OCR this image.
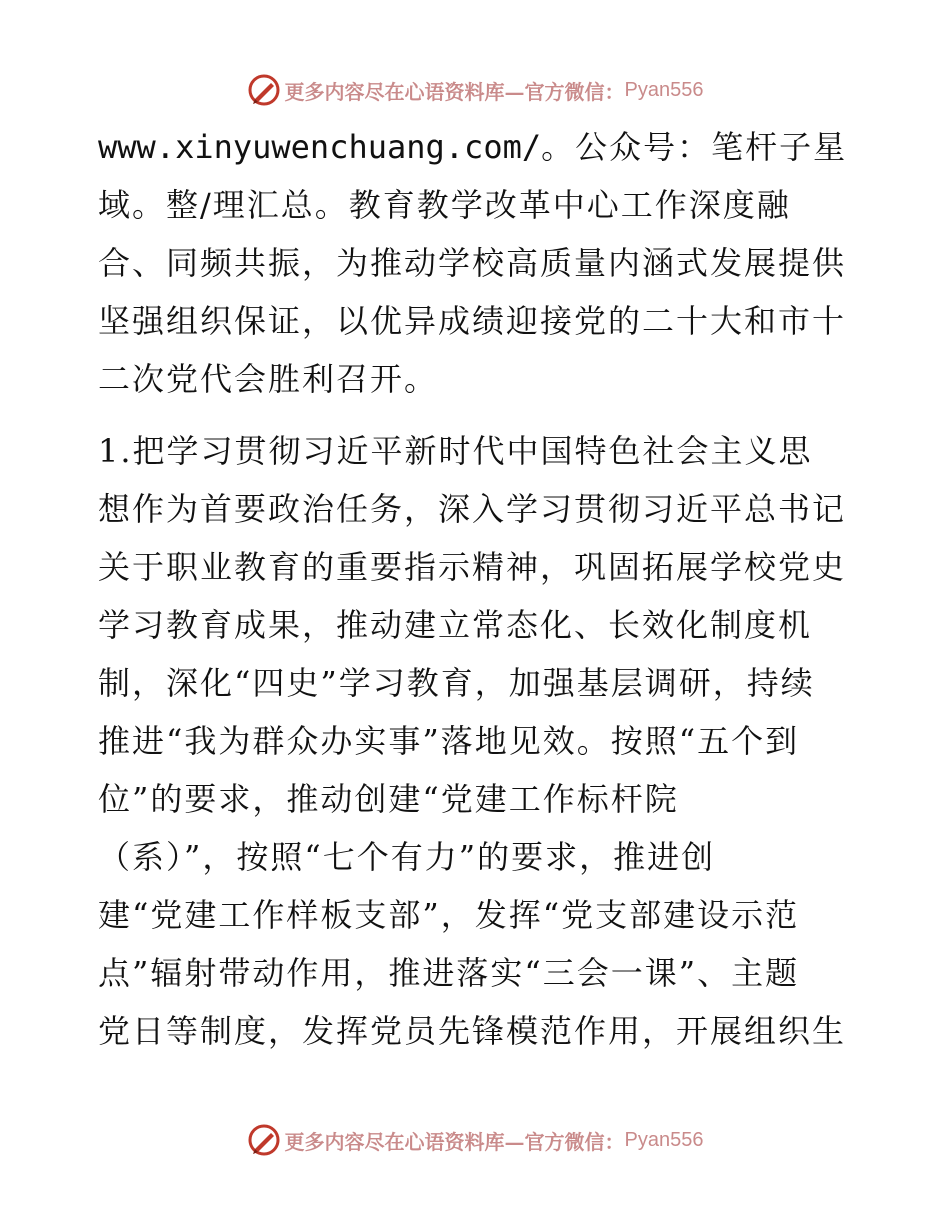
更多内容尽在心语资料库—官方微信： Pyan556
www.xinyuwenchuang.com/。公众号：笔杆子星
域。整/理汇总。教育教学改革中心工作深度融
合、同频共振，为推动学校高质量内涵式发展提供
坚强组织保证，以优异成绩迎接党的二十大和市十
二次党代会胜利召开。
1.把学习贯彻习近平新时代中国特色社会主义思
想作为首要政治任务，深入学习贯彻习近平总书记
关于职业教育的重要指示精神，巩固拓展学校党史
学习教育成果，推动建立常态化、长效化制度机
制，深化“四史”学习教育，加强基层调研，持续
推进“我为群众办实事”落地见效。按照“五个到
位”的要求，推动创建“党建工作标杆院
（系）”，按照“七个有力”的要求，推进创
建“党建工作样板支部”，发挥“党支部建设示范
点”辐射带动作用，推进落实“三会一课”、主题
党日等制度，发挥党员先锋模范作用，开展组织生
更多内容尽在心语资料库—官方微信： Pyan556
